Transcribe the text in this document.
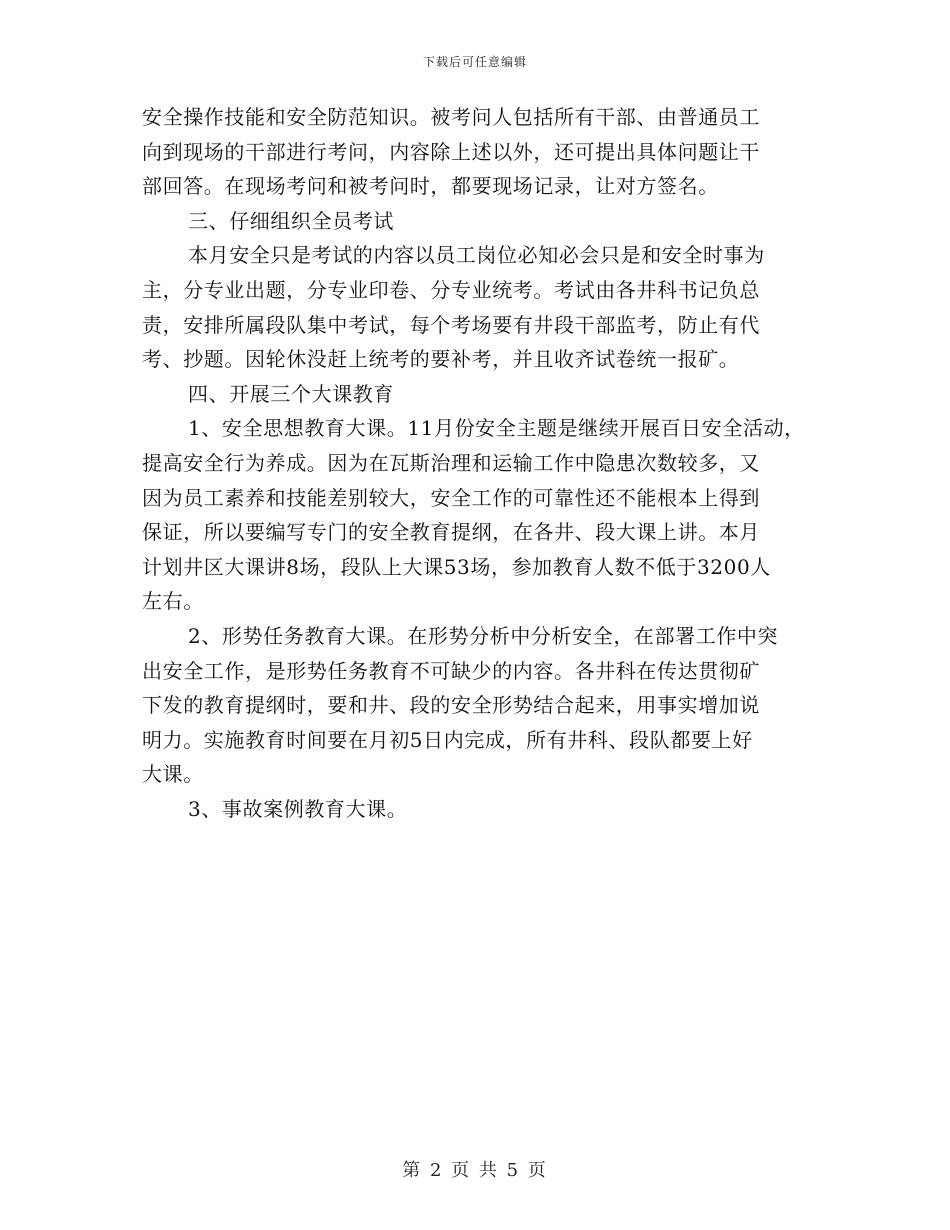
下载后可任意编辑
安全操作技能和安全防范知识。被考问人包括所有干部、由普通员工
向到现场的干部进行考问，内容除上述以外，还可提出具体问题让干
部回答。在现场考问和被考问时，都要现场记录，让对方签名。
三、仔细组织全员考试
本月安全只是考试的内容以员工岗位必知必会只是和安全时事为
主，分专业出题，分专业印卷、分专业统考。考试由各井科书记负总
责，安排所属段队集中考试，每个考场要有井段干部监考，防止有代
考、抄题。因轮休没赶上统考的要补考，并且收齐试卷统一报矿。
四、开展三个大课教育
1、安全思想教育大课。11月份安全主题是继续开展百日安全活动，
提高安全行为养成。因为在瓦斯治理和运输工作中隐患次数较多，又
因为员工素养和技能差别较大，安全工作的可靠性还不能根本上得到
保证，所以要编写专门的安全教育提纲，在各井、段大课上讲。本月
计划井区大课讲8场，段队上大课53场，参加教育人数不低于3200人
左右。
2、形势任务教育大课。在形势分析中分析安全，在部署工作中突
出安全工作，是形势任务教育不可缺少的内容。各井科在传达贯彻矿
下发的教育提纲时，要和井、段的安全形势结合起来，用事实增加说
明力。实施教育时间要在月初5日内完成，所有井科、段队都要上好
大课。
3、事故案例教育大课。
第 2 页 共 5 页
